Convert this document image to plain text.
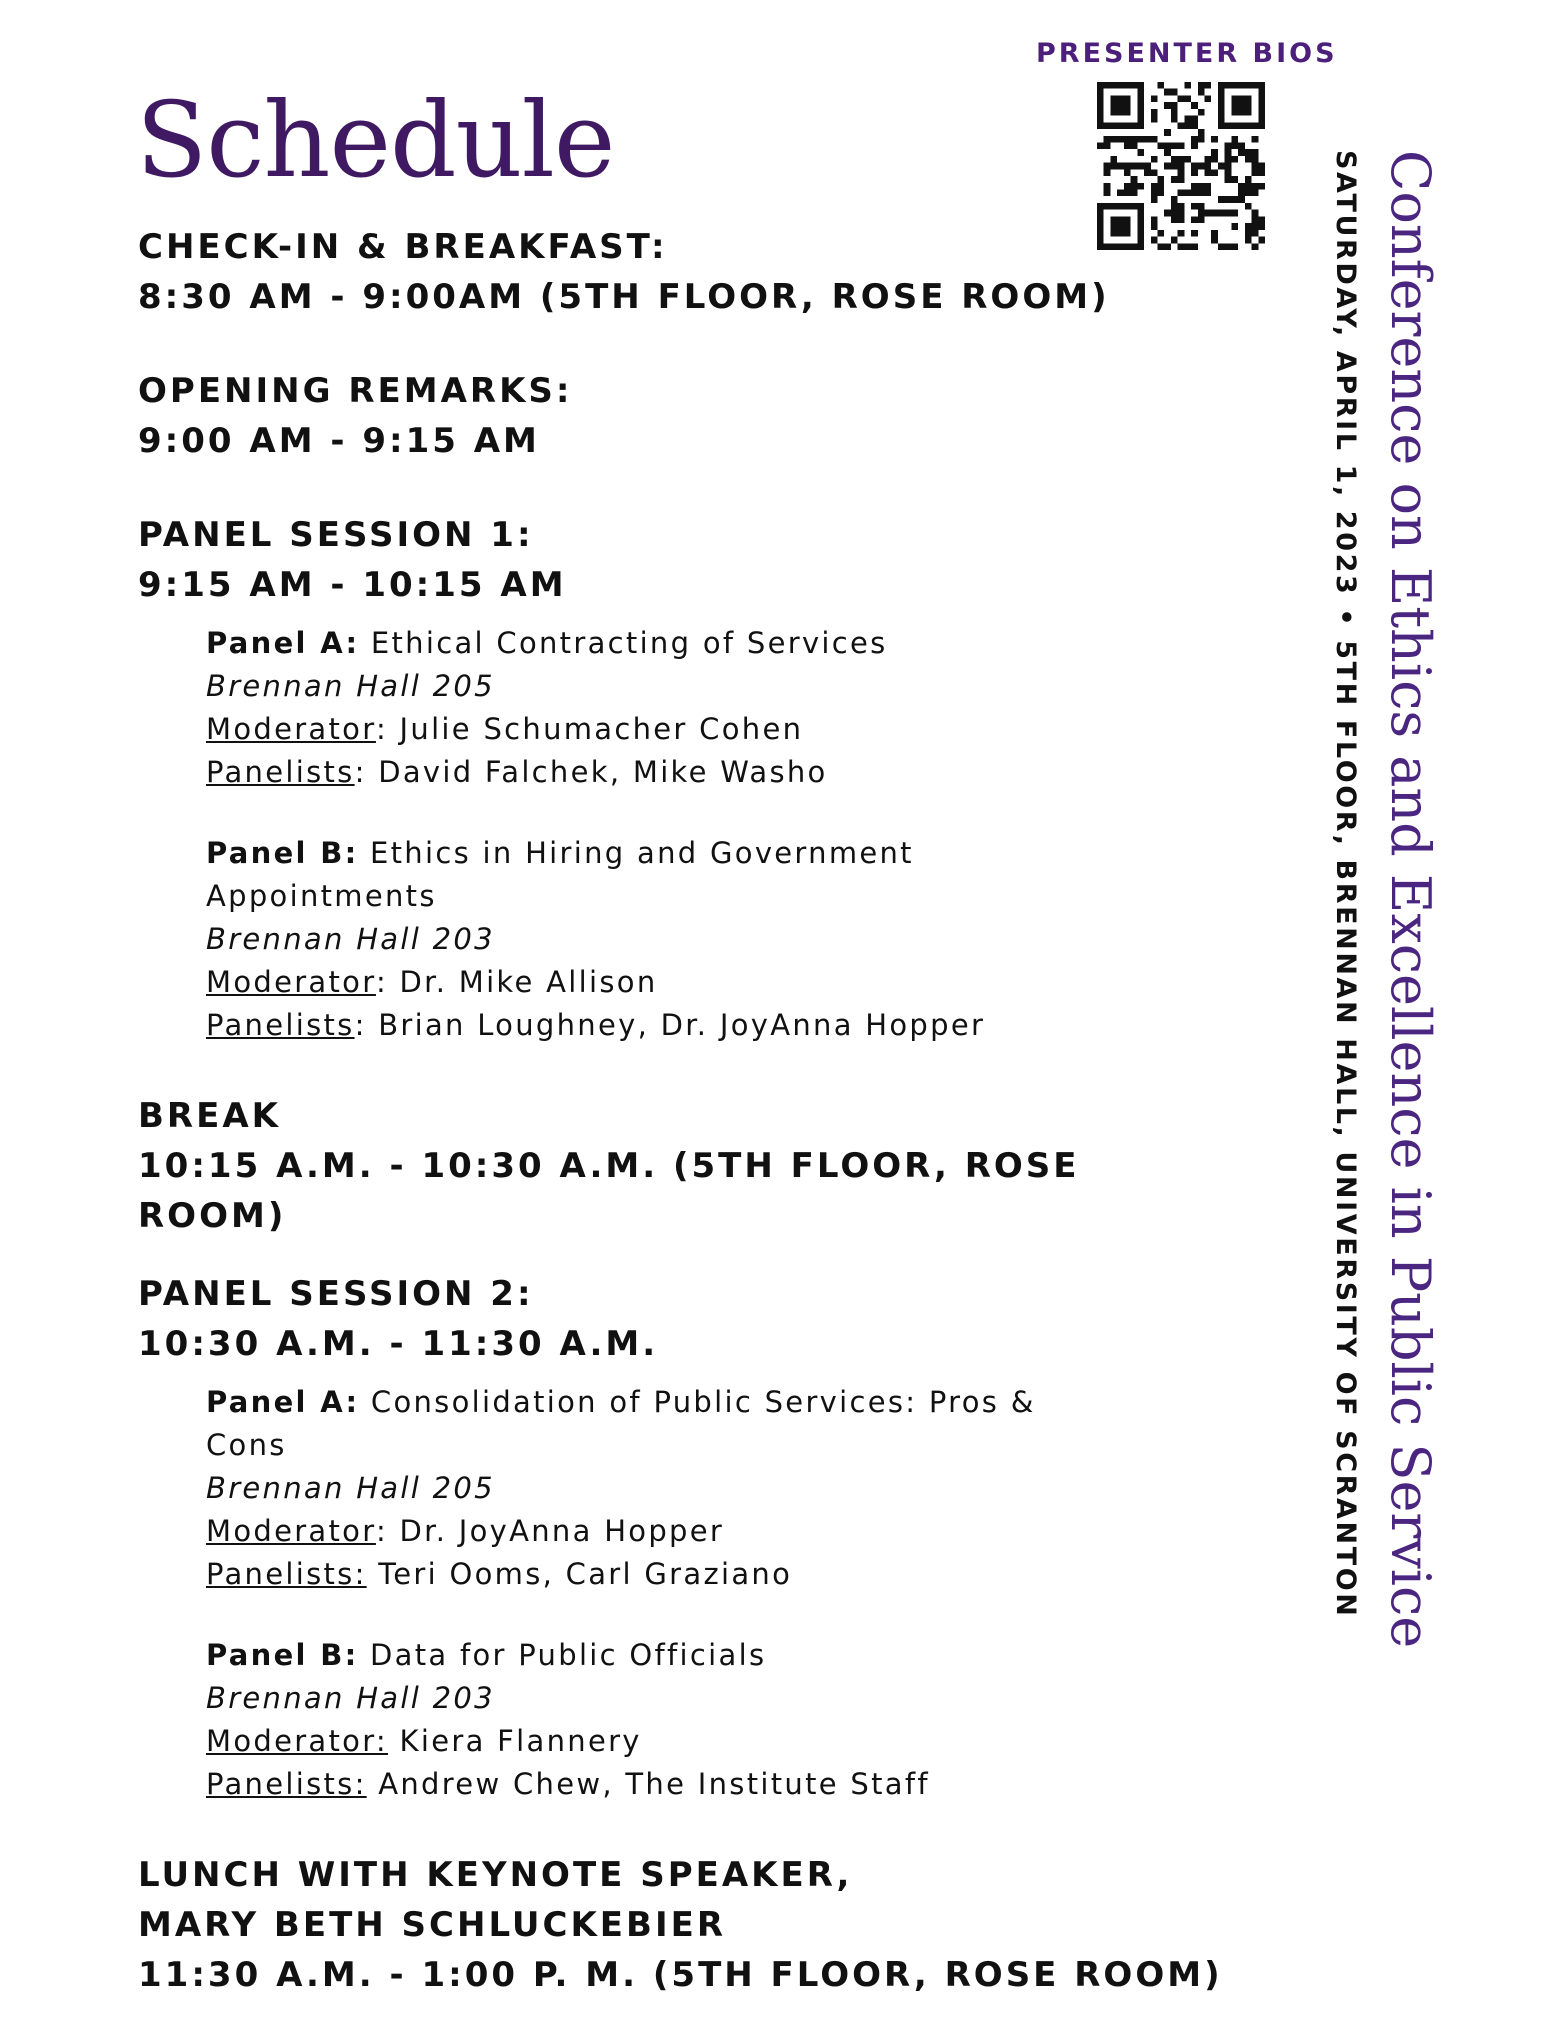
Schedule
PRESENTER BIOS
Conference on Ethics and Excellence in Public Service
SATURDAY, APRIL 1, 2023 • 5TH FLOOR, BRENNAN HALL, UNIVERSITY OF SCRANTON
CHECK-IN & BREAKFAST:
8:30 AM - 9:00AM (5TH FLOOR, ROSE ROOM)
OPENING REMARKS:
9:00 AM - 9:15 AM
PANEL SESSION 1:
9:15 AM - 10:15 AM
Panel A: Ethical Contracting of Services
Brennan Hall 205
Moderator: Julie Schumacher Cohen
Panelists: David Falchek, Mike Washo
Panel B: Ethics in Hiring and Government Appointments
Brennan Hall 203
Moderator: Dr. Mike Allison
Panelists: Brian Loughney, Dr. JoyAnna Hopper
BREAK
10:15 A.M. - 10:30 A.M. (5TH FLOOR, ROSE ROOM)
PANEL SESSION 2:
10:30 A.M. - 11:30 A.M.
Panel A: Consolidation of Public Services: Pros & Cons
Brennan Hall 205
Moderator: Dr. JoyAnna Hopper
Panelists: Teri Ooms, Carl Graziano
Panel B: Data for Public Officials
Brennan Hall 203
Moderator: Kiera Flannery
Panelists: Andrew Chew, The Institute Staff
LUNCH WITH KEYNOTE SPEAKER,
MARY BETH SCHLUCKEBIER
11:30 A.M. - 1:00 P. M. (5TH FLOOR, ROSE ROOM)
